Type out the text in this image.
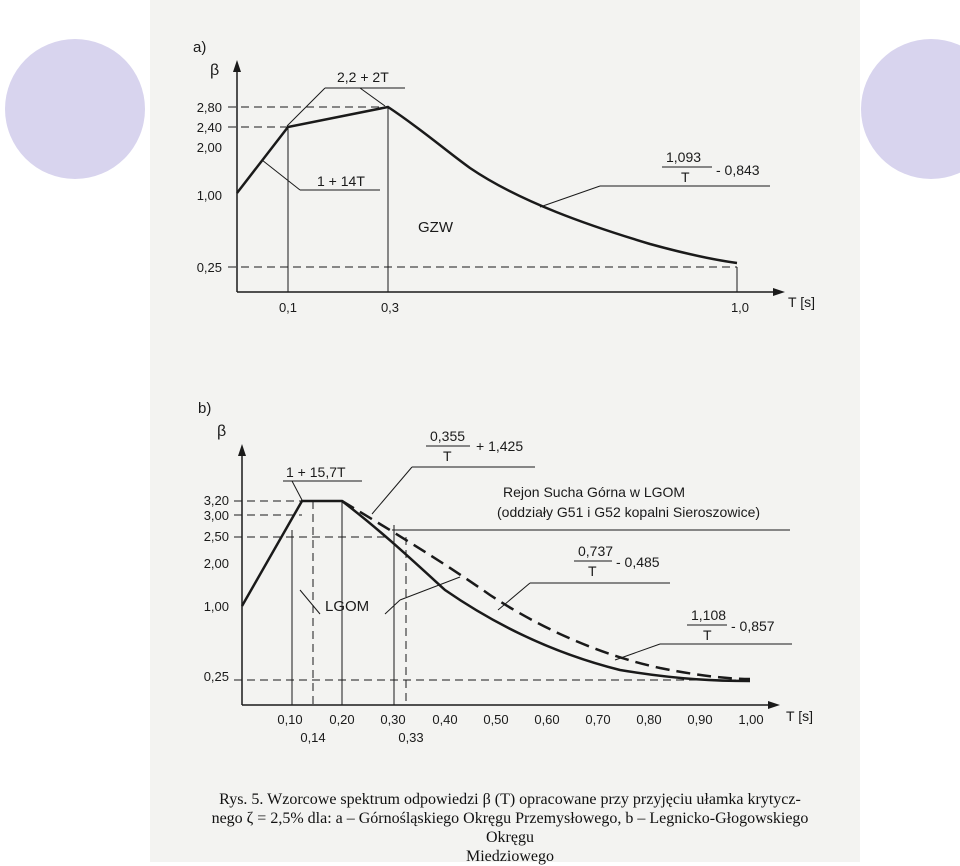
a)
β
T [s]
2,80
2,40
2,00
1,00
0,25
0,1	0,3	1,0
2,2 + 2T
1 + 14T
1,093
T - 0,843
GZW
b)
β
T [s]
3,20
3,00
2,50
2,00
1,00
0,25
0,10 0,20 0,30 0,40 0,50 0,60 0,70 0,80 0,90 1,00
0,14	0,33
1 + 15,7T
0,355
T
+ 1,425
Rejon Sucha Górna w LGOM
(oddziały G51 i G52 kopalni Sieroszowice)
0,737
T
- 0,485
1,108
T
- 0,857
LGOM
Rys. 5. Wzorcowe spektrum odpowiedzi β (T) opracowane przy przyjęciu ułamka krytycz-
nego ζ = 2,5% dla: a – Górnośląskiego Okręgu Przemysłowego, b – Legnicko-Głogowskiego Okręgu
Miedziowego
